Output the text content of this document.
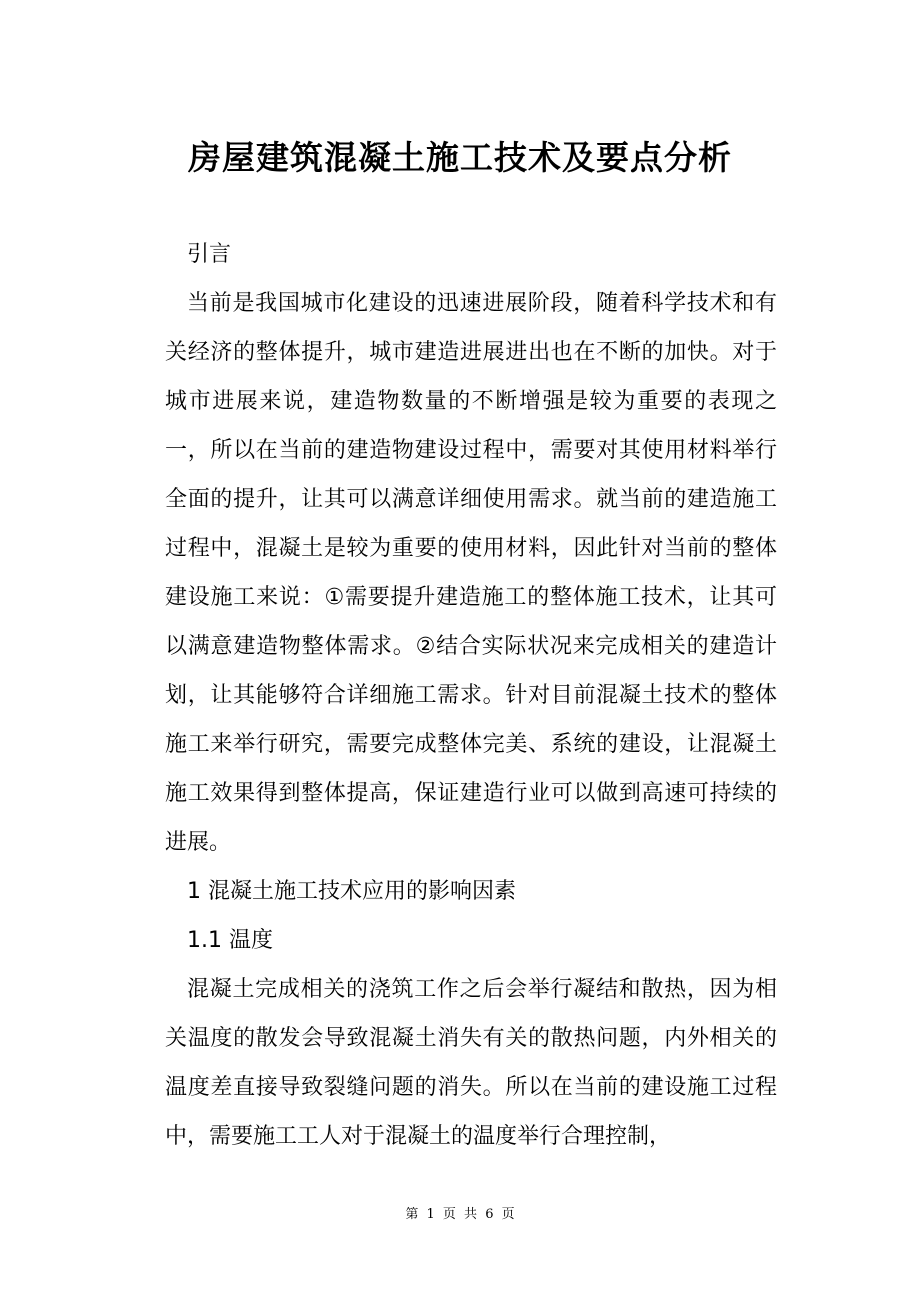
房屋建筑混凝土施工技术及要点分析

引言

当前是我国城市化建设的迅速进展阶段，随着科学技术和有关经济的整体提升，城市建造进展进出也在不断的加快。对于城市进展来说，建造物数量的不断增强是较为重要的表现之一，所以在当前的建造物建设过程中，需要对其使用材料举行全面的提升，让其可以满意详细使用需求。就当前的建造施工过程中，混凝土是较为重要的使用材料，因此针对当前的整体建设施工来说：①需要提升建造施工的整体施工技术，让其可以满意建造物整体需求。②结合实际状况来完成相关的建造计划，让其能够符合详细施工需求。针对目前混凝土技术的整体施工来举行研究，需要完成整体完美、系统的建设，让混凝土施工效果得到整体提高，保证建造行业可以做到高速可持续的进展。

1 混凝土施工技术应用的影响因素

1.1 温度

混凝土完成相关的浇筑工作之后会举行凝结和散热，因为相关温度的散发会导致混凝土消失有关的散热问题，内外相关的温度差直接导致裂缝问题的消失。所以在当前的建设施工过程中，需要施工工人对于混凝土的温度举行合理控制，

第 1 页 共 6 页
